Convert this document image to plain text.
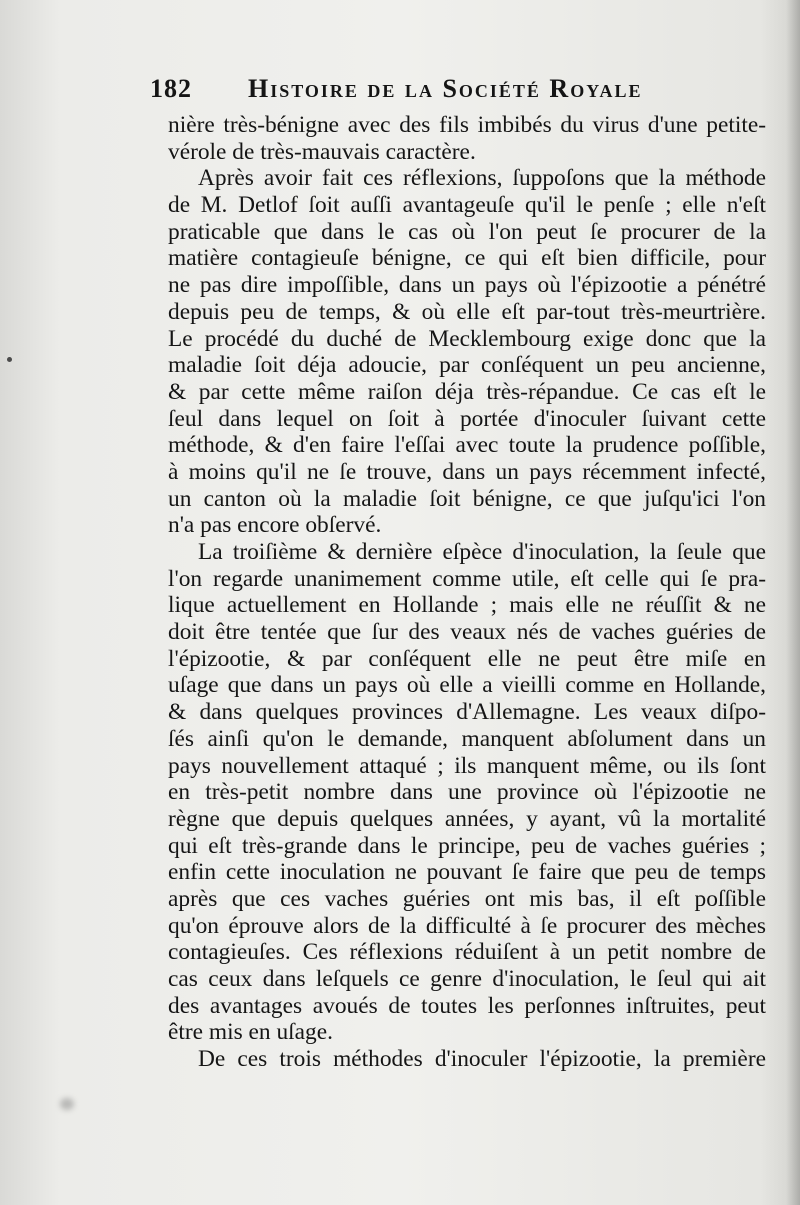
182 Histoire de la Société Royale
nière très-bénigne avec des fils imbibés du virus d'une petite-
vérole de très-mauvais caractère.
Après avoir fait ces réflexions, ſuppoſons que la méthode
de M. Detlof ſoit auſſi avantageuſe qu'il le penſe ; elle n'eſt
praticable que dans le cas où l'on peut ſe procurer de la
matière contagieuſe bénigne, ce qui eſt bien difficile, pour
ne pas dire impoſſible, dans un pays où l'épizootie a pénétré
depuis peu de temps, & où elle eſt par-tout très-meurtrière.
Le procédé du duché de Mecklembourg exige donc que la
maladie ſoit déja adoucie, par conſéquent un peu ancienne,
& par cette même raiſon déja très-répandue. Ce cas eſt le
ſeul dans lequel on ſoit à portée d'inoculer ſuivant cette
méthode, & d'en faire l'eſſai avec toute la prudence poſſible,
à moins qu'il ne ſe trouve, dans un pays récemment infecté,
un canton où la maladie ſoit bénigne, ce que juſqu'ici l'on
n'a pas encore obſervé.
La troiſième & dernière eſpèce d'inoculation, la ſeule que
l'on regarde unanimement comme utile, eſt celle qui ſe pra-
lique actuellement en Hollande ; mais elle ne réuſſit & ne
doit être tentée que ſur des veaux nés de vaches guéries de
l'épizootie, & par conſéquent elle ne peut être miſe en
uſage que dans un pays où elle a vieilli comme en Hollande,
& dans quelques provinces d'Allemagne. Les veaux diſpo-
ſés ainſi qu'on le demande, manquent abſolument dans un
pays nouvellement attaqué ; ils manquent même, ou ils ſont
en très-petit nombre dans une province où l'épizootie ne
règne que depuis quelques années, y ayant, vû la mortalité
qui eſt très-grande dans le principe, peu de vaches guéries ;
enfin cette inoculation ne pouvant ſe faire que peu de temps
après que ces vaches guéries ont mis bas, il eſt poſſible
qu'on éprouve alors de la difficulté à ſe procurer des mèches
contagieuſes. Ces réflexions réduiſent à un petit nombre de
cas ceux dans leſquels ce genre d'inoculation, le ſeul qui ait
des avantages avoués de toutes les perſonnes inſtruites, peut
être mis en uſage.
De ces trois méthodes d'inoculer l'épizootie, la première
